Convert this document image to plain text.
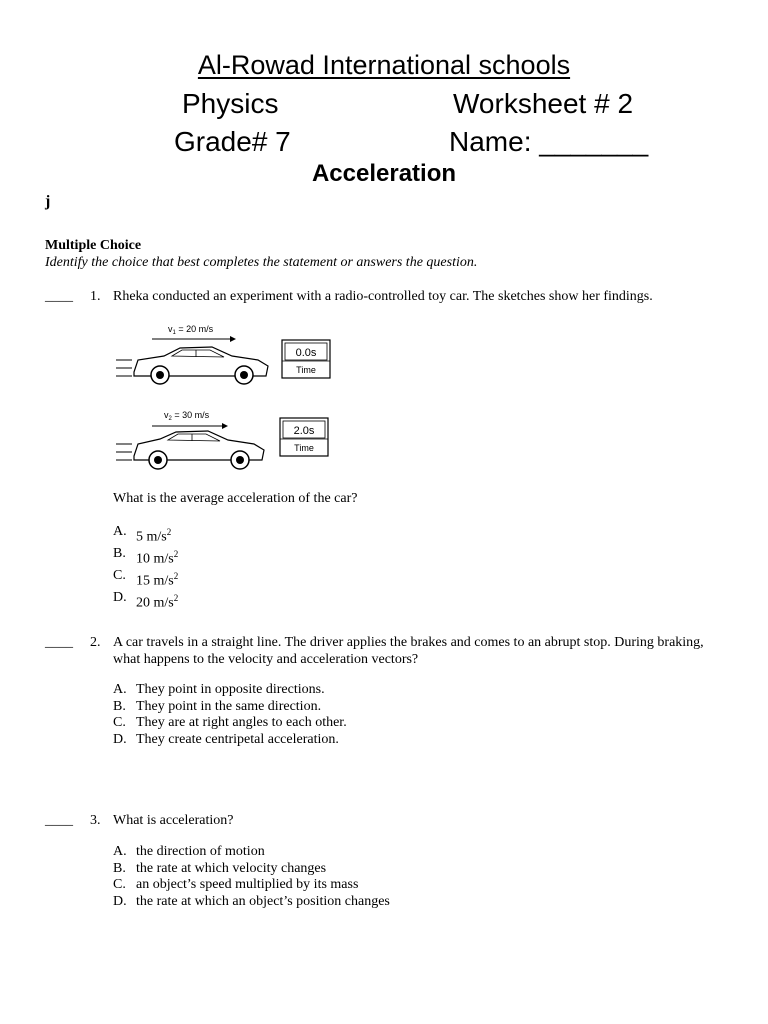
Al-Rowad International schools
Physics	Worksheet # 2
Grade# 7	Name: _______
Acceleration
j
Multiple Choice
Identify the choice that best completes the statement or answers the question.
____ 1. Rheka conducted an experiment with a radio-controlled toy car. The sketches show her findings.
$v_1 = 20$ m/s
0.0s
Time
$v_2 = 30$ m/s
2.0s
Time
What is the average acceleration of the car?
A. 5 $m/s^2$
B. 10 $m/s^2$
C. 15 $m/s^2$
D. 20 $m/s^2$
____ 2. A car travels in a straight line. The driver applies the brakes and comes to an abrupt stop. During braking, what happens to the velocity and acceleration vectors?
A. They point in opposite directions.
B. They point in the same direction.
C. They are at right angles to each other.
D. They create centripetal acceleration.
____ 3. What is acceleration?
A. the direction of motion
B. the rate at which velocity changes
C. an object’s speed multiplied by its mass
D. the rate at which an object’s position changes
